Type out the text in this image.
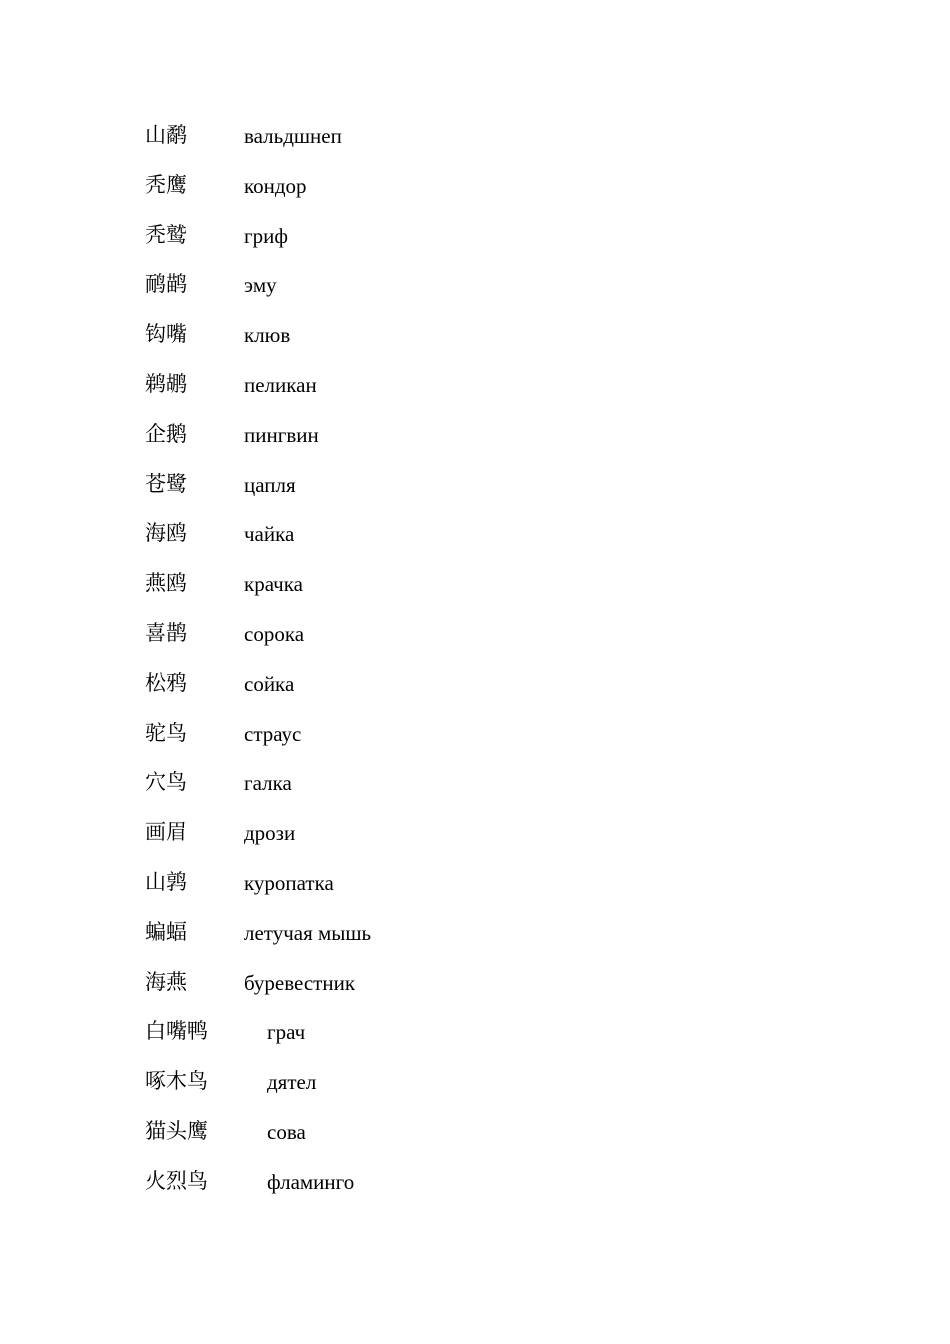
山鹬	вальдшнеп
秃鹰	кондор
秃鹫	гриф
鸸鹋	эму
钩嘴	клюв
鹈鹕	пеликан
企鹅	пингвин
苍鹭	цапля
海鸥	чайка
燕鸥	крачка
喜鹊	сорока
松鸦	сойка
驼鸟	страус
穴鸟	галка
画眉	дрози
山鹑	куропатка
蝙蝠	летучая мышь
海燕	буревестник
白嘴鸭	грач
啄木鸟	дятел
猫头鹰	сова
火烈鸟	фламинго
